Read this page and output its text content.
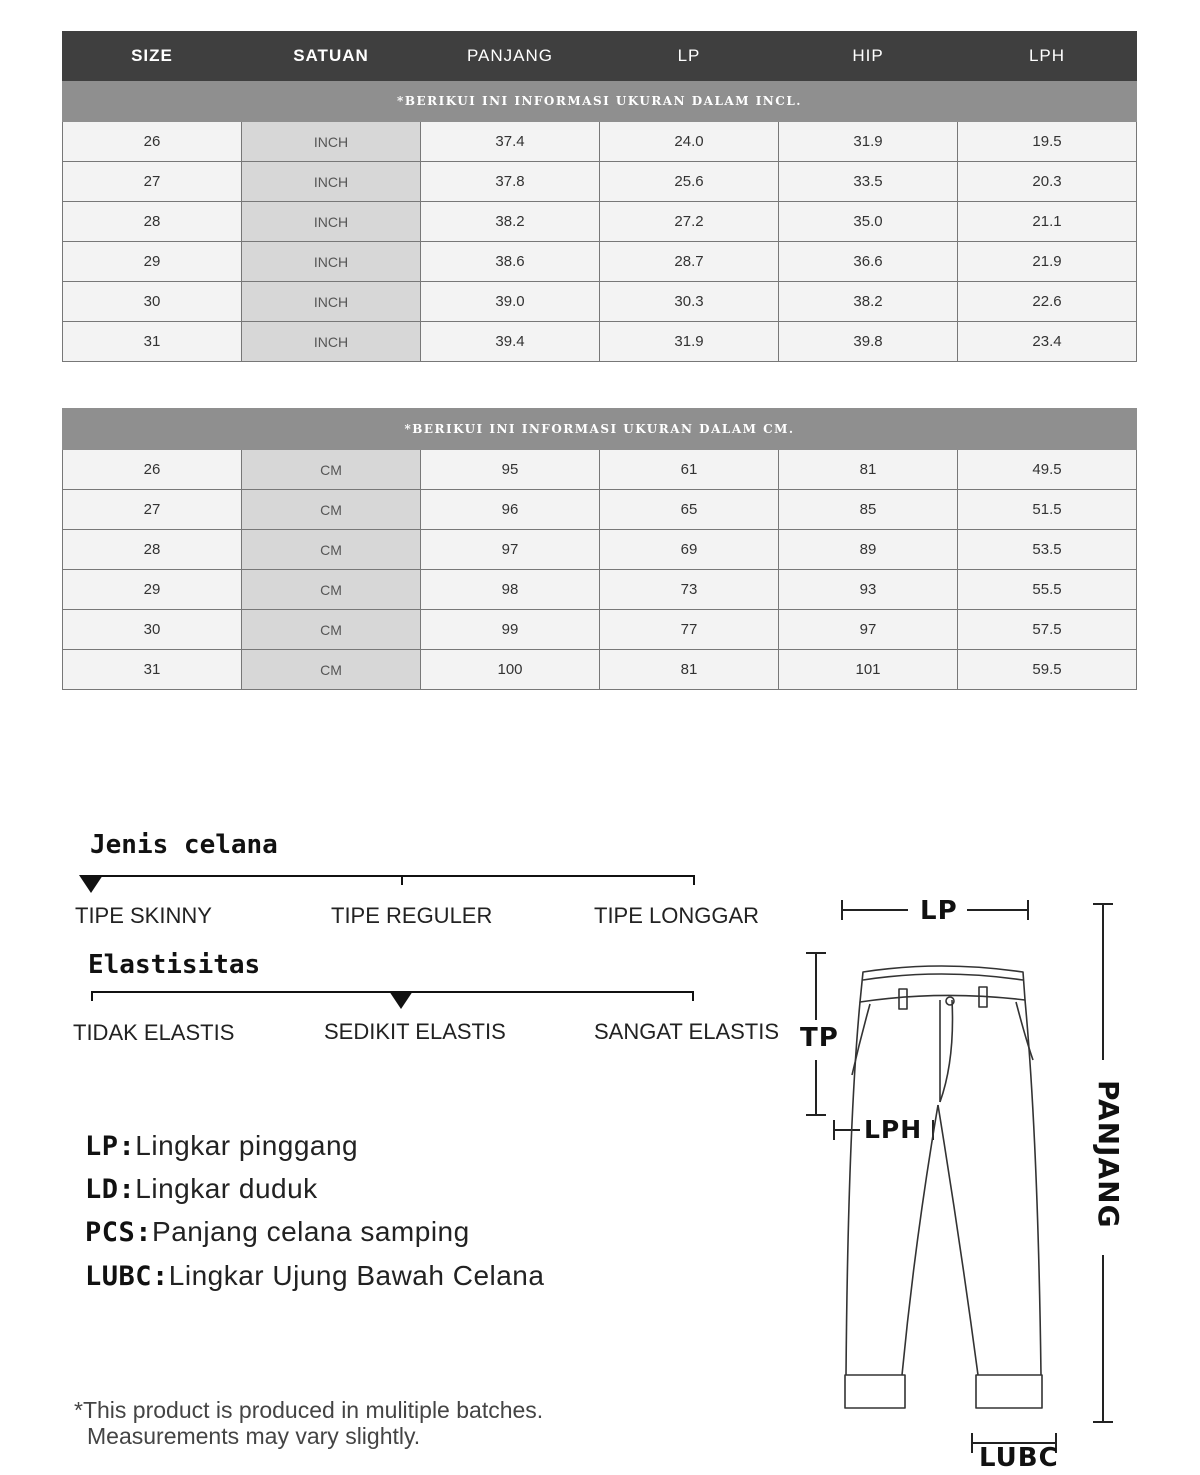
SIZE	SATUAN	PANJANG	LP	HIP	LPH
*BERIKUI INI INFORMASI UKURAN DALAM INCL.					
26	INCH	37.4	24.0	31.9	19.5
27	INCH	37.8	25.6	33.5	20.3
28	INCH	38.2	27.2	35.0	21.1
29	INCH	38.6	28.7	36.6	21.9
30	INCH	39.0	30.3	38.2	22.6
31	INCH	39.4	31.9	39.8	23.4
*BERIKUI INI INFORMASI UKURAN DALAM CM.					
26	CM	95	61	81	49.5
27	CM	96	65	85	51.5
28	CM	97	69	89	53.5
29	CM	98	73	93	55.5
30	CM	99	77	97	57.5
31	CM	100	81	101	59.5
Jenis celana
TIPE SKINNY	TIPE REGULER	TIPE LONGGAR
Elastisitas
TIDAK ELASTIS	SEDIKIT ELASTIS	SANGAT ELASTIS
LP:Lingkar pinggang
LD:Lingkar duduk
PCS:Panjang celana samping
LUBC:Lingkar Ujung Bawah Celana
*This product is produced in mulitiple batches.
Measurements may vary slightly.
LP
TP
LPH	PANJANG
LUBC
